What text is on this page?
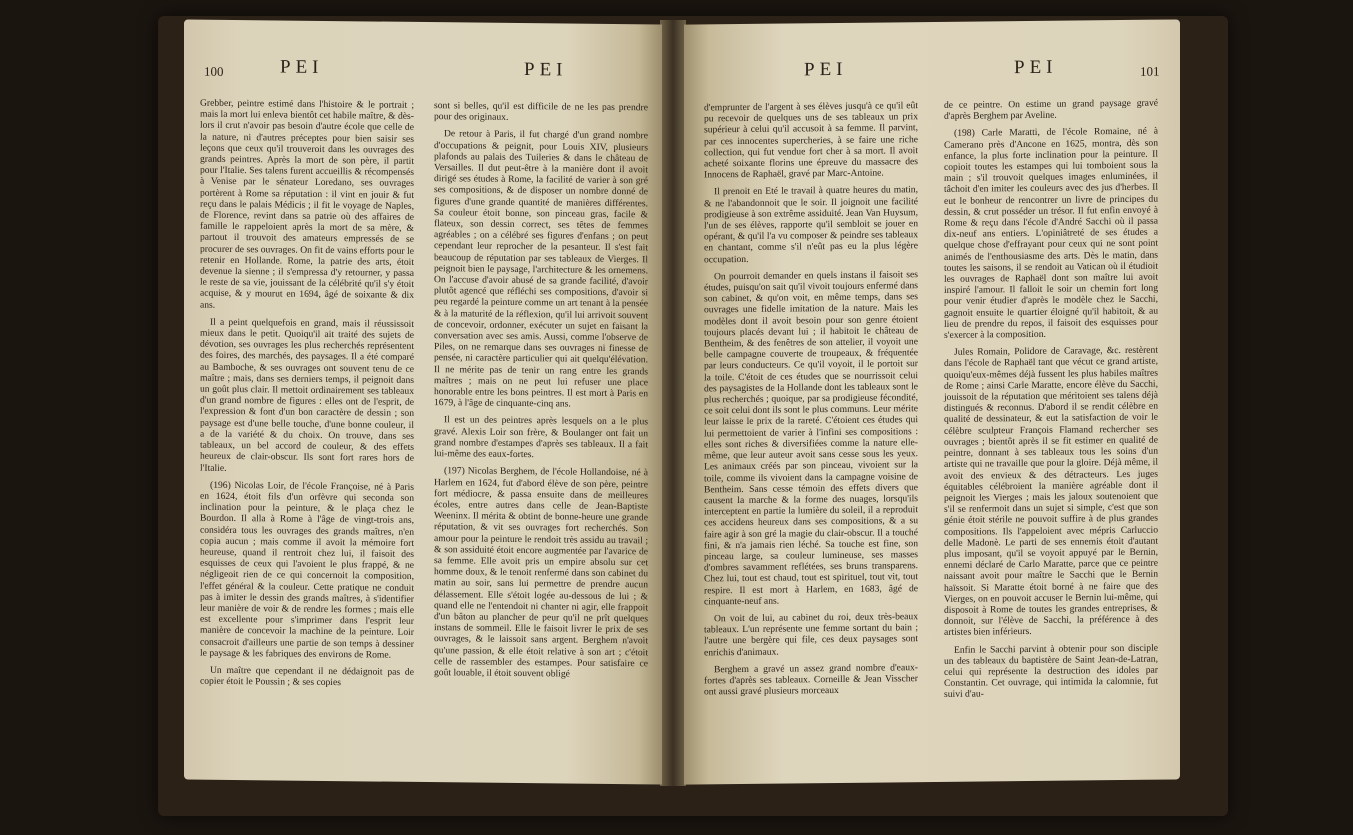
100	PEI	PEI

Grebber, peintre estimé dans l'histoire & le portrait ; mais la mort lui enleva bientôt cet habile maître, & dès-lors il crut n'avoir pas besoin d'autre école que celle de la nature, ni d'autres préceptes pour bien saisir ses leçons que ceux qu'il trouveroit dans les ouvrages des grands peintres. Après la mort de son père, il partit pour l'Italie. Ses talens furent accueillis & récompensés à Venise par le sénateur Loredano, ses ouvrages portèrent à Rome sa réputation : il vint en jouir & fut reçu dans le palais Médicis ; il fit le voyage de Naples, de Florence, revint dans sa patrie où des affaires de famille le rappeloient après la mort de sa mère, & partout il trouvoit des amateurs empressés de se procurer de ses ouvrages. On fit de vains efforts pour le retenir en Hollande. Rome, la patrie des arts, étoit devenue la sienne ; il s'empressa d'y retourner, y passa le reste de sa vie, jouissant de la célébrité qu'il s'y étoit acquise, & y mourut en 1694, âgé de soixante & dix ans.

Il a peint quelquefois en grand, mais il réussissoit mieux dans le petit. Quoiqu'il ait traité des sujets de dévotion, ses ouvrages les plus recherchés représentent des foires, des marchés, des paysages. Il a été comparé au Bamboche, & ses ouvrages ont souvent tenu de ce maître ; mais, dans ses derniers temps, il peignoit dans un goût plus clair. Il mettoit ordinairement ses tableaux d'un grand nombre de figures : elles ont de l'esprit, de l'expression & font d'un bon caractère de dessin ; son paysage est d'une belle touche, d'une bonne couleur, il a de la variété & du choix. On trouve, dans ses tableaux, un bel accord de couleur, & des effets heureux de clair-obscur. Ils sont fort rares hors de l'Italie.

(196) Nicolas Loir, de l'école Françoise, né à Paris en 1624, étoit fils d'un orfèvre qui seconda son inclination pour la peinture, & le plaça chez le Bourdon. Il alla à Rome à l'âge de vingt-trois ans, considéra tous les ouvrages des grands maîtres, n'en copia aucun ; mais comme il avoit la mémoire fort heureuse, quand il rentroit chez lui, il faisoit des esquisses de ceux qui l'avoient le plus frappé, & ne négligeoit rien de ce qui concernoit la composition, l'effet général & la couleur. Cette pratique ne conduit pas à imiter le dessin des grands maîtres, à s'identifier leur manière de voir & de rendre les formes ; mais elle est excellente pour s'imprimer dans l'esprit leur manière de concevoir la machine de la peinture. Loir consacroit d'ailleurs une partie de son temps à dessiner le paysage & les fabriques des environs de Rome.

Un maître que cependant il ne dédaignoit pas de copier étoit le Poussin ; & ses copies

sont si belles, qu'il est difficile de ne les pas prendre pour des originaux.

De retour à Paris, il fut chargé d'un grand nombre d'occupations & peignit, pour Louis XIV, plusieurs plafonds au palais des Tuileries & dans le château de Versailles. Il dut peut-être à la manière dont il avoit dirigé ses études à Rome, la facilité de varier à son gré ses compositions, & de disposer un nombre donné de figures d'une grande quantité de manières différentes. Sa couleur étoit bonne, son pinceau gras, facile & flateux, son dessin correct, ses têtes de femmes agréables ; on a célébré ses figures d'enfans ; on peut cependant leur reprocher de la pesanteur. Il s'est fait beaucoup de réputation par ses tableaux de Vierges. Il peignoit bien le paysage, l'architecture & les ornemens. On l'accuse d'avoir abusé de sa grande facilité, d'avoir plutôt agencé que réfléchi ses compositions, d'avoir si peu regardé la peinture comme un art tenant à la pensée & à la maturité de la réflexion, qu'il lui arrivoit souvent de concevoir, ordonner, exécuter un sujet en faisant la conversation avec ses amis. Aussi, comme l'observe de Piles, on ne remarque dans ses ouvrages ni finesse de pensée, ni caractère particulier qui ait quelqu'élévation. Il ne mérite pas de tenir un rang entre les grands maîtres ; mais on ne peut lui refuser une place honorable entre les bons peintres. Il est mort à Paris en 1679, à l'âge de cinquante-cinq ans.

Il est un des peintres après lesquels on a le plus gravé. Alexis Loir son frère, & Boulanger ont fait un grand nombre d'estampes d'après ses tableaux. Il a fait lui-même des eaux-fortes.

(197) Nicolas Berghem, de l'école Hollandoise, né à Harlem en 1624, fut d'abord élève de son père, peintre fort médiocre, & passa ensuite dans de meilleures écoles, entre autres dans celle de Jean-Baptiste Weeninx. Il mérita & obtint de bonne-heure une grande réputation, & vit ses ouvrages fort recherchés. Son amour pour la peinture le rendoit très assidu au travail ; & son assiduité étoit encore augmentée par l'avarice de sa femme. Elle avoit pris un empire absolu sur cet homme doux, & le tenoit renfermé dans son cabinet du matin au soir, sans lui permettre de prendre aucun délassement. Elle s'étoit logée au-dessous de lui ; & quand elle ne l'entendoit ni chanter ni agir, elle frappoit d'un bâton au plancher de peur qu'il ne prît quelques instans de sommeil. Elle le faisoit livrer le prix de ses ouvrages, & le laissoit sans argent. Berghem n'avoit qu'une passion, & elle étoit relative à son art ; c'étoit celle de rassembler des estampes. Pour satisfaire ce goût louable, il étoit souvent obligé

PEI	PEI	101

d'emprunter de l'argent à ses élèves jusqu'à ce qu'il eût pu recevoir de quelques uns de ses tableaux un prix supérieur à celui qu'il accusoit à sa femme. Il parvint, par ces innocentes supercheries, à se faire une riche collection, qui fut vendue fort cher à sa mort. Il avoit acheté soixante florins une épreuve du massacre des Innocens de Raphaël, gravé par Marc-Antoine.

Il prenoit en Eté le travail à quatre heures du matin, & ne l'abandonnoit que le soir. Il joignoit une facilité prodigieuse à son extrême assiduité. Jean Van Huysum, l'un de ses élèves, rapporte qu'il sembloit se jouer en opérant, & qu'il l'a vu composer & peindre ses tableaux en chantant, comme s'il n'eût pas eu la plus légère occupation.

On pourroit demander en quels instans il faisoit ses études, puisqu'on sait qu'il vivoit toujours enfermé dans son cabinet, & qu'on voit, en même temps, dans ses ouvrages une fidelle imitation de la nature. Mais les modèles dont il avoit besoin pour son genre étoient toujours placés devant lui ; il habitoit le château de Bentheim, & des fenêtres de son attelier, il voyoit une belle campagne couverte de troupeaux, & fréquentée par leurs conducteurs. Ce qu'il voyoit, il le portoit sur la toile. C'étoit de ces études que se nourrissoit celui des paysagistes de la Hollande dont les tableaux sont le plus recherchés ; quoique, par sa prodigieuse fécondité, ce soit celui dont ils sont le plus communs. Leur mérite leur laisse le prix de la rareté. C'étoient ces études qui lui permettoient de varier à l'infini ses compositions : elles sont riches & diversifiées comme la nature elle-même, que leur auteur avoit sans cesse sous les yeux. Les animaux créés par son pinceau, vivoient sur la toile, comme ils vivoient dans la campagne voisine de Bentheim. Sans cesse témoin des effets divers que causent la marche & la forme des nuages, lorsqu'ils interceptent en partie la lumière du soleil, il a reproduit ces accidens heureux dans ses compositions, & a su faire agir à son gré la magie du clair-obscur. Il a touché fini, & n'a jamais rien léché. Sa touche est fine, son pinceau large, sa couleur lumineuse, ses masses d'ombres savamment reflétées, ses bruns transparens. Chez lui, tout est chaud, tout est spirituel, tout vit, tout respire. Il est mort à Harlem, en 1683, âgé de cinquante-neuf ans.

On voit de lui, au cabinet du roi, deux très-beaux tableaux. L'un représente une femme sortant du bain ; l'autre une bergère qui file, ces deux paysages sont enrichis d'animaux.

Berghem a gravé un assez grand nombre d'eaux-fortes d'après ses tableaux. Corneille & Jean Visscher ont aussi gravé plusieurs morceaux

de ce peintre. On estime un grand paysage gravé d'après Berghem par Aveline.

(198) Carle Maratti, de l'école Romaine, né à Camerano près d'Ancone en 1625, montra, dès son enfance, la plus forte inclination pour la peinture. Il copioit toutes les estampes qui lui tomboient sous la main ; s'il trouvoit quelques images enluminées, il tâchoit d'en imiter les couleurs avec des jus d'herbes. Il eut le bonheur de rencontrer un livre de principes du dessin, & crut posséder un trésor. Il fut enfin envoyé à Rome & reçu dans l'école d'André Sacchi où il passa dix-neuf ans entiers. L'opiniâtreté de ses études a quelque chose d'effrayant pour ceux qui ne sont point animés de l'enthousiasme des arts. Dès le matin, dans toutes les saisons, il se rendoit au Vatican où il étudioit les ouvrages de Raphaël dont son maître lui avoit inspiré l'amour. Il falloit le soir un chemin fort long pour venir étudier d'après le modèle chez le Sacchi, gagnoit ensuite le quartier éloigné qu'il habitoit, & au lieu de prendre du repos, il faisoit des esquisses pour s'exercer à la composition.

Jules Romain, Polidore de Caravage, &c. restèrent dans l'école de Raphaël tant que vécut ce grand artiste, quoiqu'eux-mêmes déjà fussent les plus habiles maîtres de Rome ; ainsi Carle Maratte, encore élève du Sacchi, jouissoit de la réputation que méritoient ses talens déjà distingués & reconnus. D'abord il se rendit célèbre en qualité de dessinateur, & eut la satisfaction de voir le célèbre sculpteur François Flamand rechercher ses ouvrages ; bientôt après il se fit estimer en qualité de peintre, donnant à ses tableaux tous les soins d'un artiste qui ne travaille que pour la gloire. Déjà même, il avoit des envieux & des détracteurs. Les juges équitables célébroient la manière agréable dont il peignoit les Vierges ; mais les jaloux soutenoient que s'il se renfermoit dans un sujet si simple, c'est que son génie étoit stérile ne pouvoit suffire à de plus grandes compositions. Ils l'appeloient avec mépris Carluccio delle Madonè. Le parti de ses ennemis étoit d'autant plus imposant, qu'il se voyoit appuyé par le Bernin, ennemi déclaré de Carlo Maratte, parce que ce peintre naissant avoit pour maître le Sacchi que le Bernin haïssoit. Si Maratte étoit borné à ne faire que des Vierges, on en pouvoit accuser le Bernin lui-même, qui disposoit à Rome de toutes les grandes entreprises, & donnoit, sur l'élève de Sacchi, la préférence à des artistes bien inférieurs.

Enfin le Sacchi parvint à obtenir pour son disciple un des tableaux du baptistère de Saint Jean-de-Latran, celui qui représente la destruction des idoles par Constantin. Cet ouvrage, qui intimida la calomnie, fut suivi d'au-
